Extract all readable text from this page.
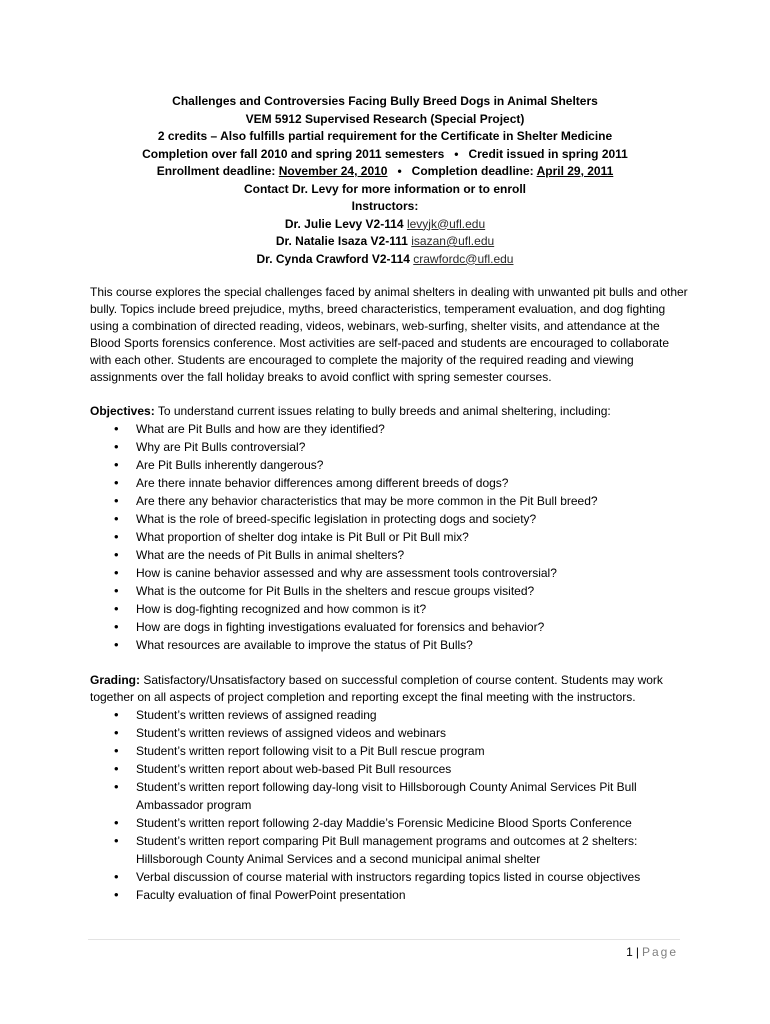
Challenges and Controversies Facing Bully Breed Dogs in Animal Shelters
VEM 5912 Supervised Research (Special Project)
2 credits – Also fulfills partial requirement for the Certificate in Shelter Medicine
Completion over fall 2010 and spring 2011 semesters • Credit issued in spring 2011
Enrollment deadline: November 24, 2010 • Completion deadline: April 29, 2011
Contact Dr. Levy for more information or to enroll
Instructors:
Dr. Julie Levy V2-114 levyjk@ufl.edu
Dr. Natalie Isaza V2-111 isazan@ufl.edu
Dr. Cynda Crawford V2-114 crawfordc@ufl.edu

This course explores the special challenges faced by animal shelters in dealing with unwanted pit bulls and other bully. Topics include breed prejudice, myths, breed characteristics, temperament evaluation, and dog fighting using a combination of directed reading, videos, webinars, web-surfing, shelter visits, and attendance at the Blood Sports forensics conference. Most activities are self-paced and students are encouraged to collaborate with each other. Students are encouraged to complete the majority of the required reading and viewing assignments over the fall holiday breaks to avoid conflict with spring semester courses.

Objectives: To understand current issues relating to bully breeds and animal sheltering, including:

• What are Pit Bulls and how are they identified?
• Why are Pit Bulls controversial?
• Are Pit Bulls inherently dangerous?
• Are there innate behavior differences among different breeds of dogs?
• Are there any behavior characteristics that may be more common in the Pit Bull breed?
• What is the role of breed-specific legislation in protecting dogs and society?
• What proportion of shelter dog intake is Pit Bull or Pit Bull mix?
• What are the needs of Pit Bulls in animal shelters?
• How is canine behavior assessed and why are assessment tools controversial?
• What is the outcome for Pit Bulls in the shelters and rescue groups visited?
• How is dog-fighting recognized and how common is it?
• How are dogs in fighting investigations evaluated for forensics and behavior?
• What resources are available to improve the status of Pit Bulls?

Grading: Satisfactory/Unsatisfactory based on successful completion of course content. Students may work together on all aspects of project completion and reporting except the final meeting with the instructors.

• Student’s written reviews of assigned reading
• Student’s written reviews of assigned videos and webinars
• Student’s written report following visit to a Pit Bull rescue program
• Student’s written report about web-based Pit Bull resources
• Student’s written report following day-long visit to Hillsborough County Animal Services Pit Bull Ambassador program
• Student’s written report following 2-day Maddie’s Forensic Medicine Blood Sports Conference
• Student’s written report comparing Pit Bull management programs and outcomes at 2 shelters: Hillsborough County Animal Services and a second municipal animal shelter
• Verbal discussion of course material with instructors regarding topics listed in course objectives
• Faculty evaluation of final PowerPoint presentation
1 | Page
